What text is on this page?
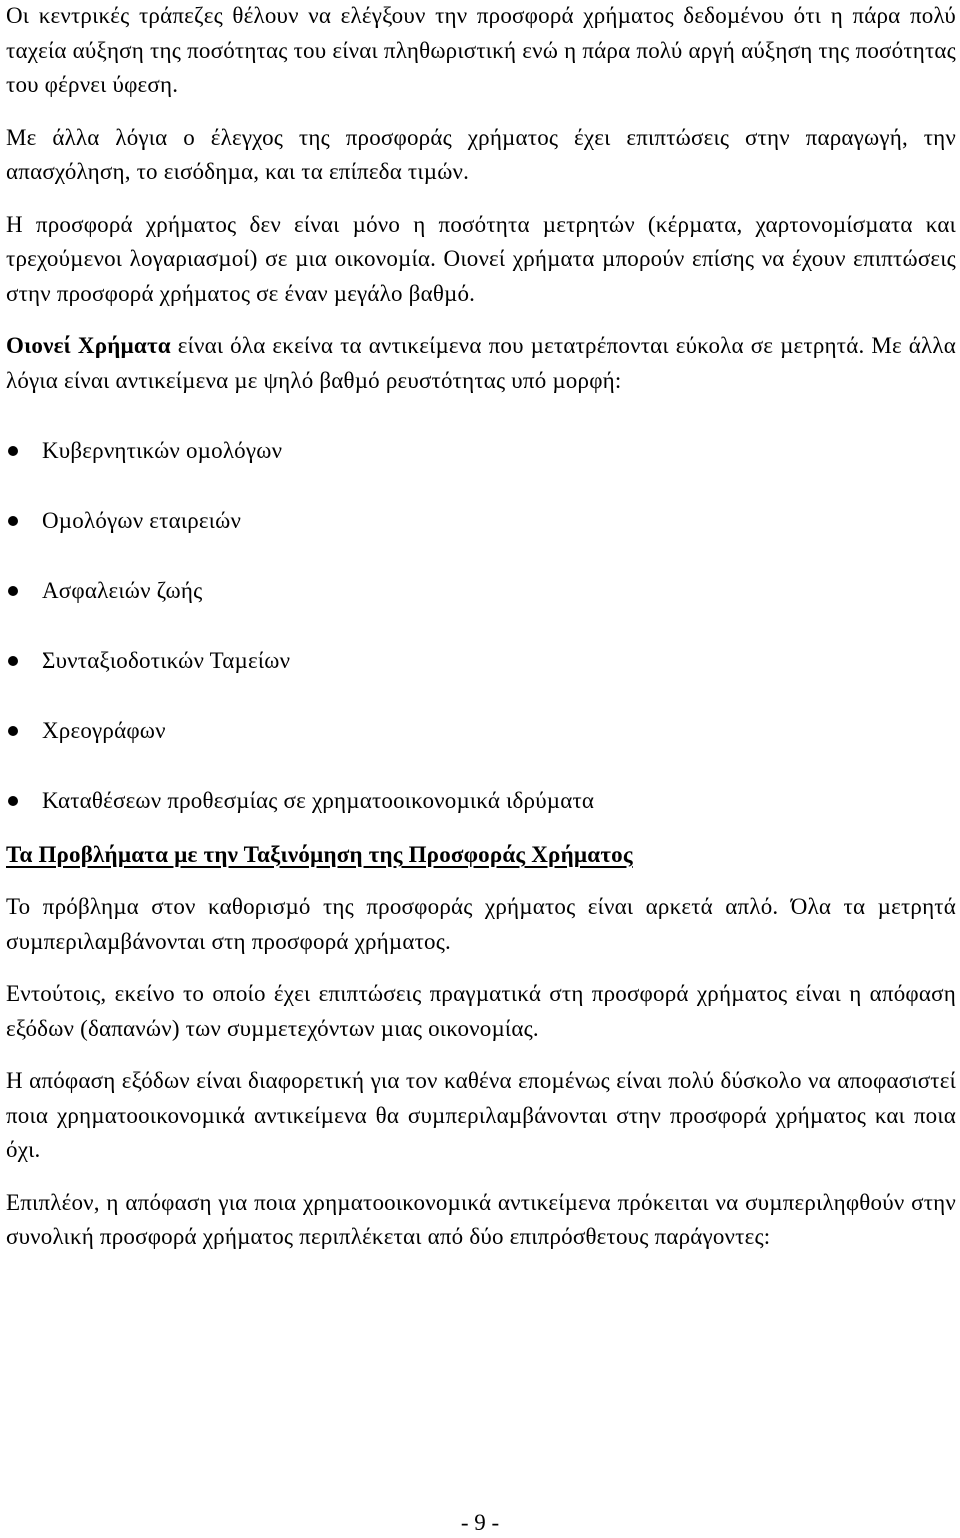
Οι κεντρικές τράπεζες θέλουν να ελέγξουν την προσφορά χρήµατος δεδοµένου ότι η πάρα πολύ ταχεία αύξηση της ποσότητας του είναι πληθωριστική ενώ η πάρα πολύ αργή αύξηση της ποσότητας του φέρνει ύφεση.

Με άλλα λόγια ο έλεγχος της προσφοράς χρήµατος έχει επιπτώσεις στην παραγωγή, την απασχόληση, το εισόδηµα, και τα επίπεδα τιµών.

Η προσφορά χρήµατος δεν είναι µόνο η ποσότητα µετρητών (κέρµατα, χαρτονοµίσµατα και τρεχούµενοι λογαριασµοί) σε µια οικονοµία. Οιονεί χρήµατα µπορούν επίσης να έχουν επιπτώσεις στην προσφορά χρήµατος σε έναν µεγάλο βαθµό.

Οιονεί Χρήµατα είναι όλα εκείνα τα αντικείµενα που µετατρέπονται εύκολα σε µετρητά. Με άλλα λόγια είναι αντικείµενα µε ψηλό βαθµό ρευστότητας υπό µορφή:

Κυβερνητικών οµολόγων
Οµολόγων εταιρειών
Ασφαλειών ζωής
Συνταξιοδοτικών Ταµείων
Χρεογράφων
Καταθέσεων προθεσµίας σε χρηµατοοικονοµικά ιδρύµατα

Τα Προβλήµατα µε την Ταξινόµηση της Προσφοράς Χρήµατος

Το πρόβληµα στον καθορισµό της προσφοράς χρήµατος είναι αρκετά απλό. Όλα τα µετρητά συµπεριλαµβάνονται στη προσφορά χρήµατος.

Εντούτοις, εκείνο το οποίο έχει επιπτώσεις πραγµατικά στη προσφορά χρήµατος είναι η απόφαση εξόδων (δαπανών) των συµµετεχόντων µιας οικονοµίας.

Η απόφαση εξόδων είναι διαφορετική για τον καθένα εποµένως είναι πολύ δύσκολο να αποφασιστεί ποια χρηµατοοικονοµικά αντικείµενα θα συµπεριλαµβάνονται στην προσφορά χρήµατος και ποια όχι.

Επιπλέον, η απόφαση για ποια χρηµατοοικονοµικά αντικείµενα πρόκειται να συµπεριληφθούν στην συνολική προσφορά χρήµατος περιπλέκεται από δύο επιπρόσθετους παράγοντες:

- 9 -
